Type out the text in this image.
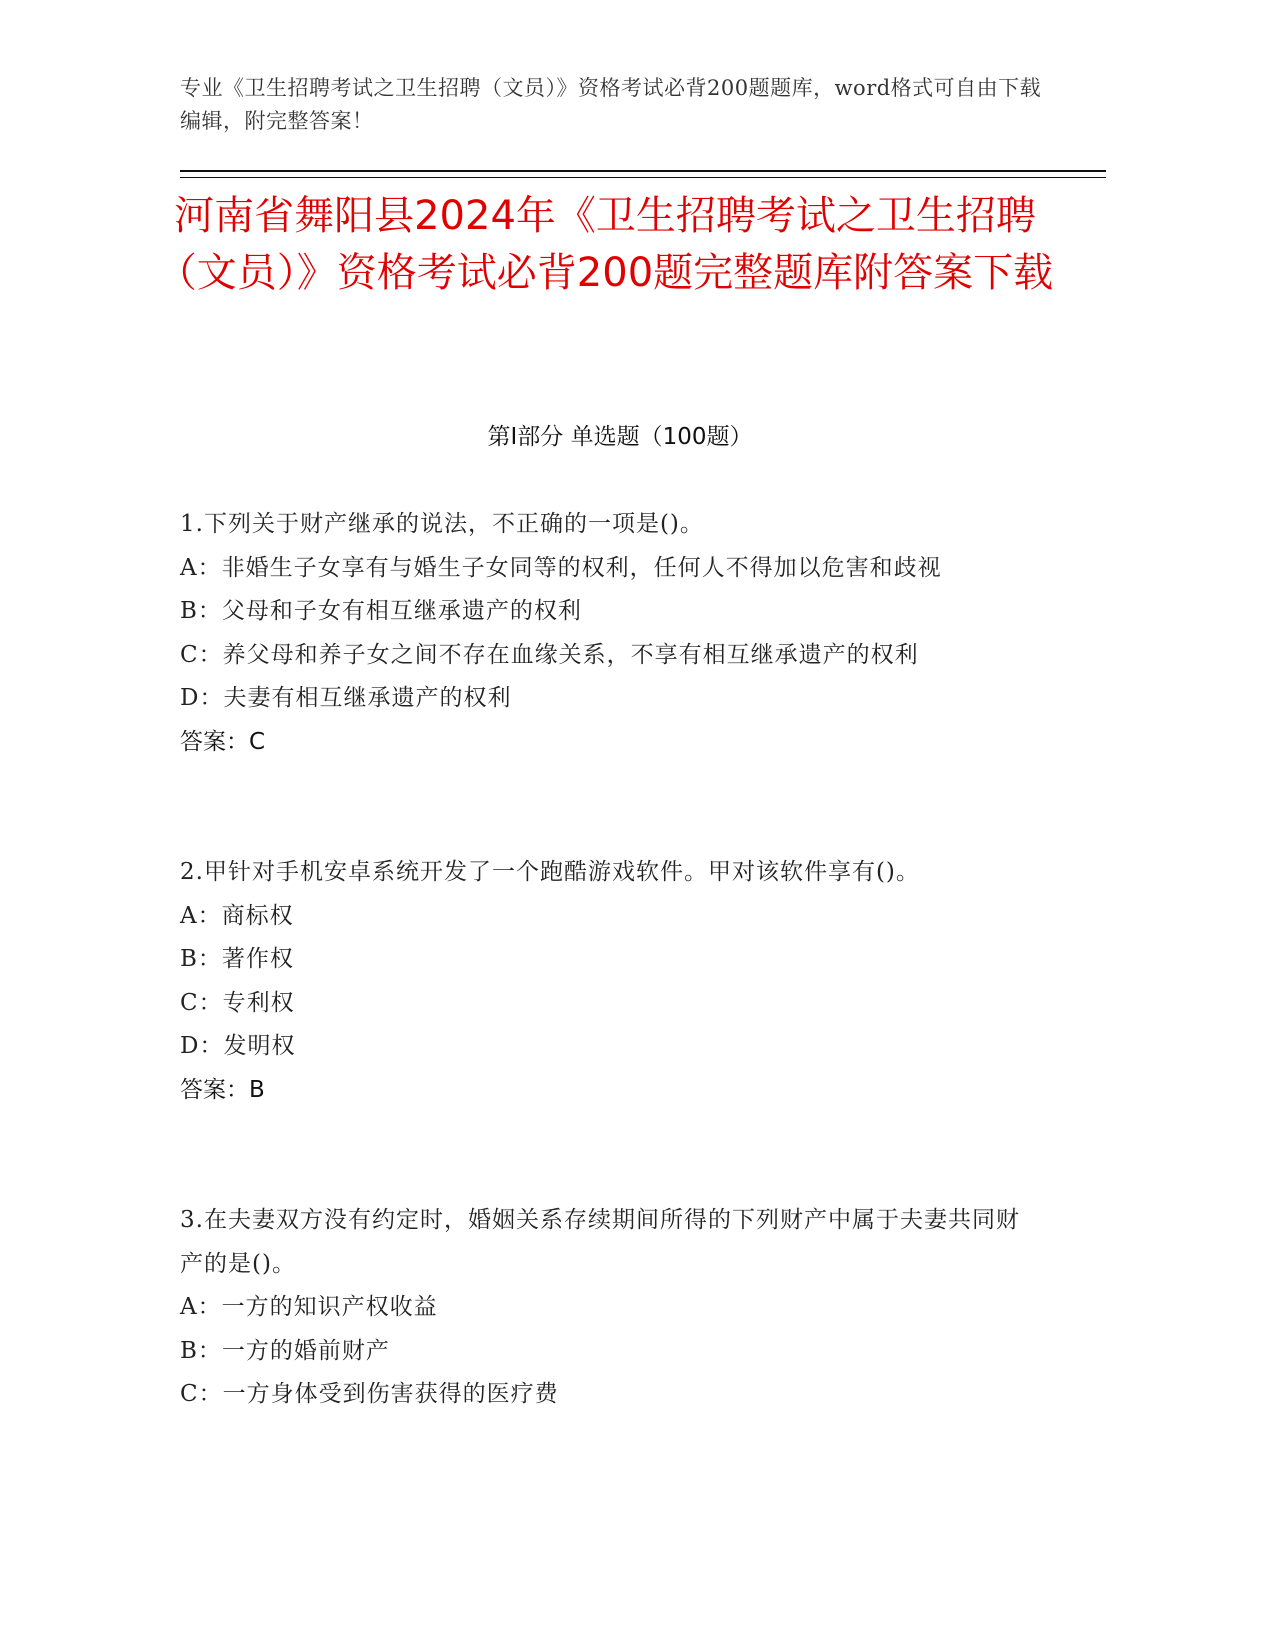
专业《卫生招聘考试之卫生招聘（文员）》资格考试必背200题题库，word格式可自由下载编辑，附完整答案！
河南省舞阳县2024年《卫生招聘考试之卫生招聘（文员）》资格考试必背200题完整题库附答案下载
第I部分 单选题（100题）
1.下列关于财产继承的说法，不正确的一项是()。
A：非婚生子女享有与婚生子女同等的权利，任何人不得加以危害和歧视
B：父母和子女有相互继承遗产的权利
C：养父母和养子女之间不存在血缘关系，不享有相互继承遗产的权利
D：夫妻有相互继承遗产的权利
答案：C
2.甲针对手机安卓系统开发了一个跑酷游戏软件。甲对该软件享有()。
A：商标权
B：著作权
C：专利权
D：发明权
答案：B
3.在夫妻双方没有约定时，婚姻关系存续期间所得的下列财产中属于夫妻共同财产的是()。
A：一方的知识产权收益
B：一方的婚前财产
C：一方身体受到伤害获得的医疗费
